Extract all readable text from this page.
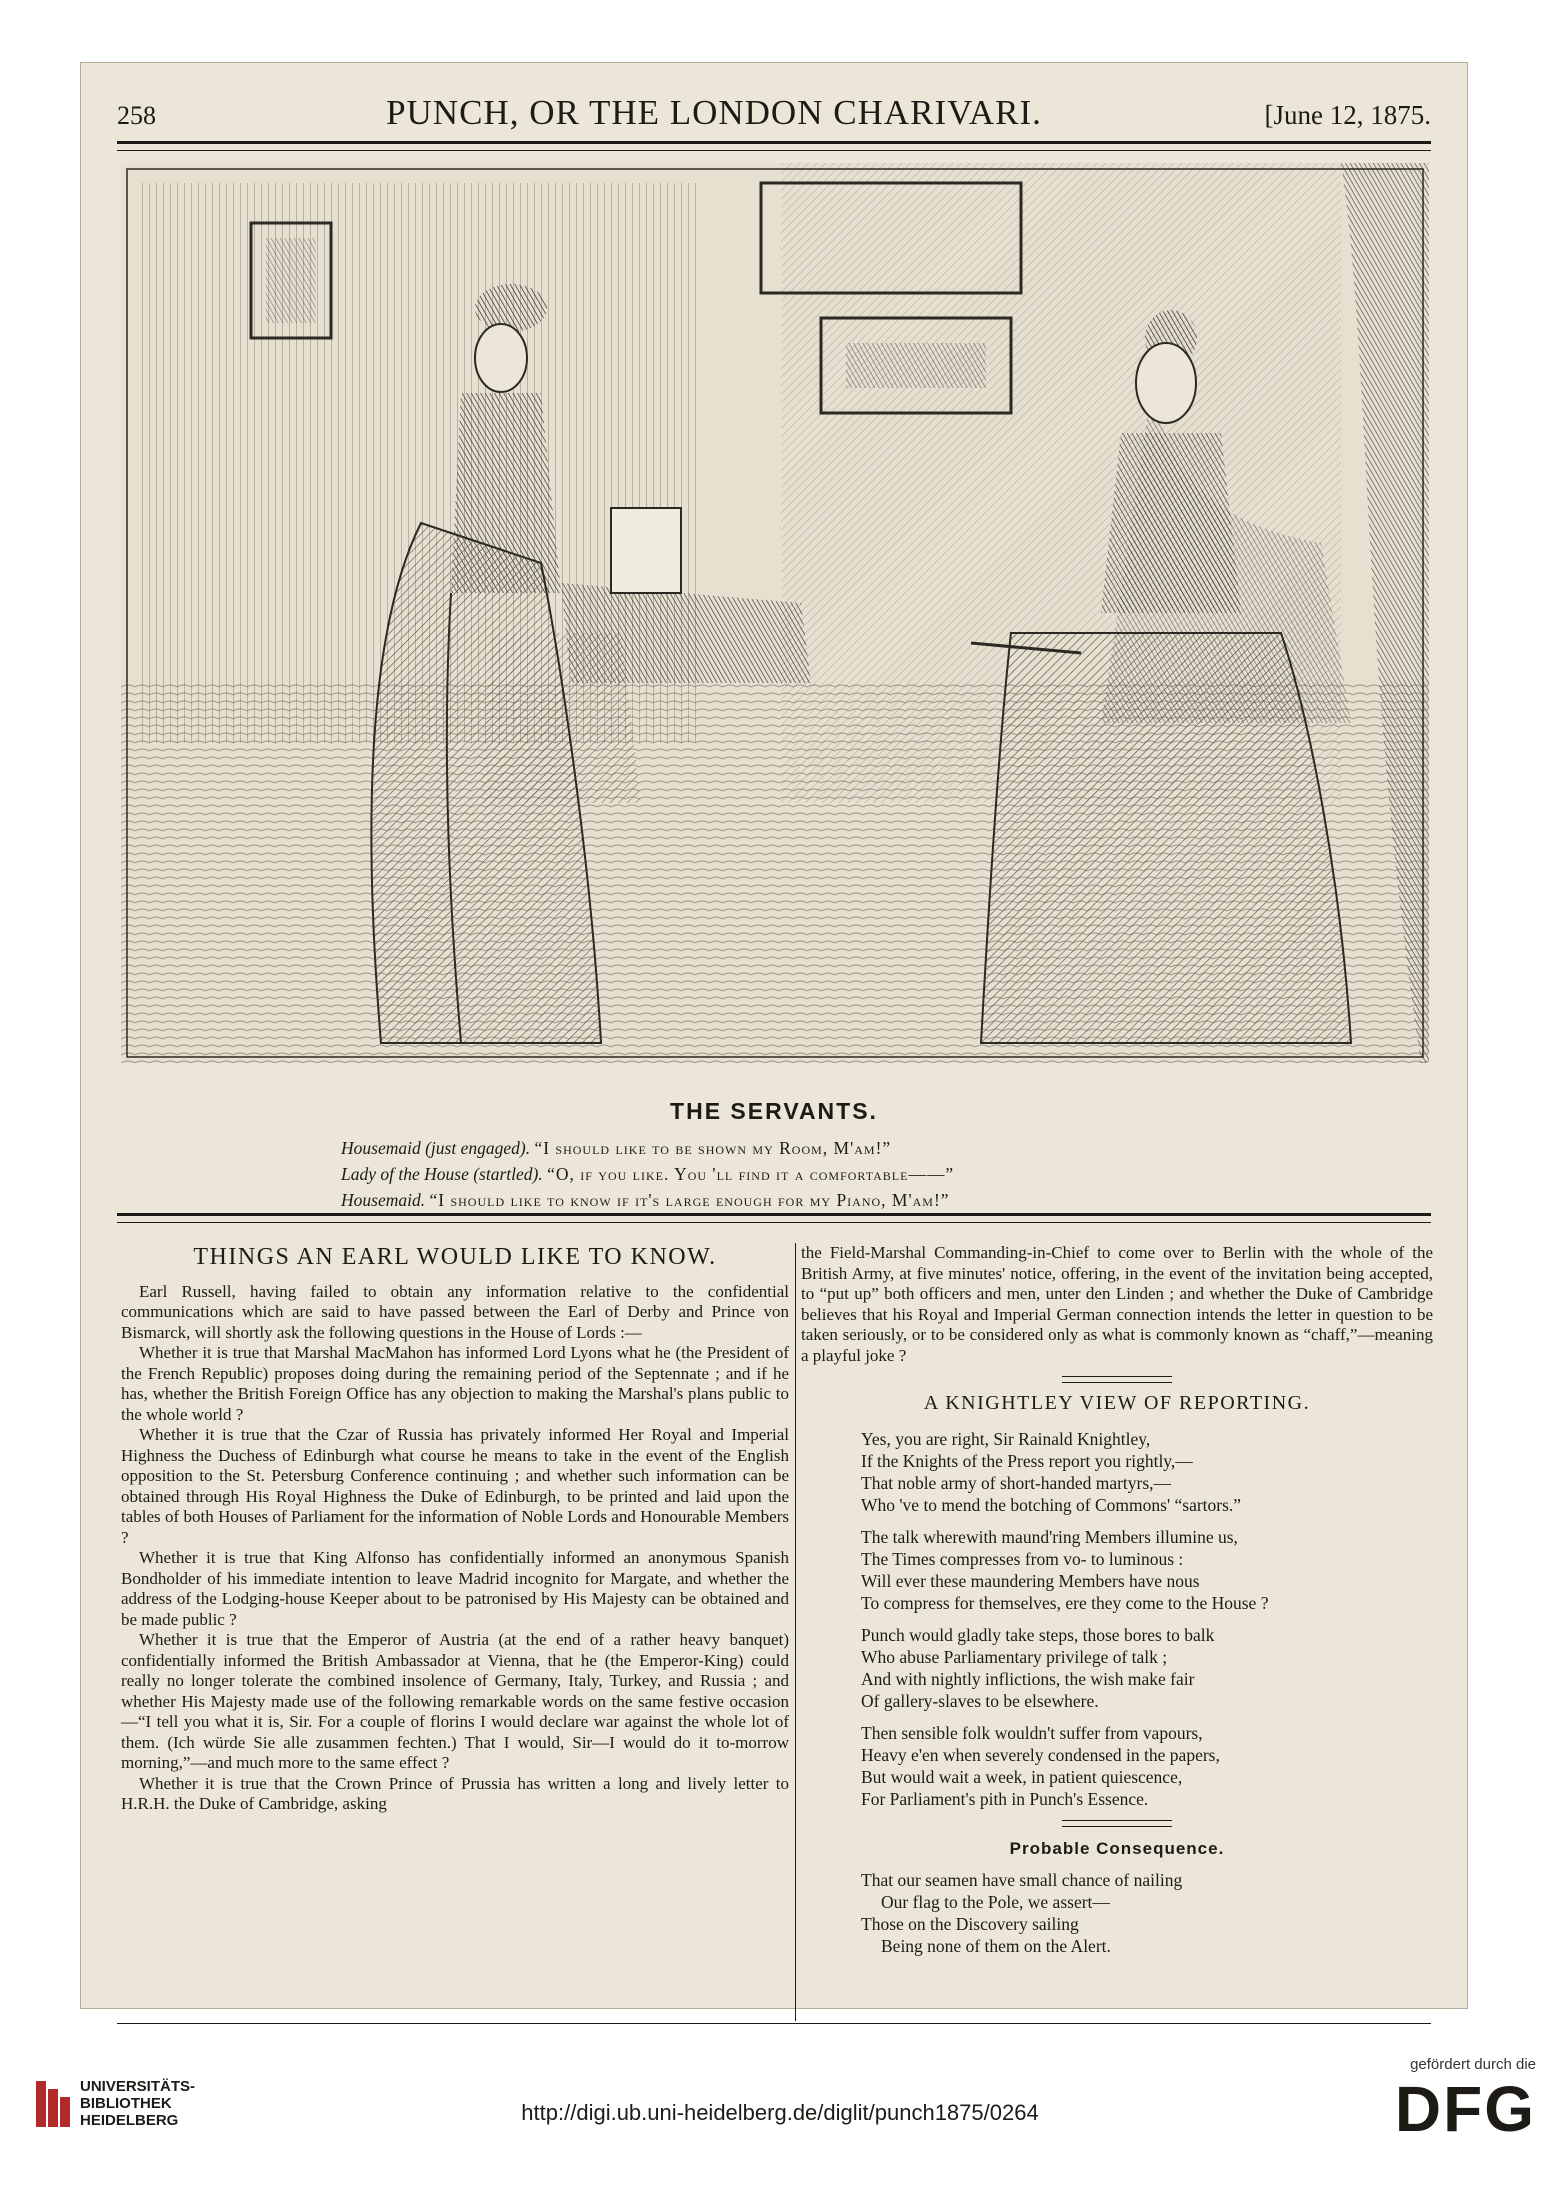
258	PUNCH, OR THE LONDON CHARIVARI.	[June 12, 1875.
THE SERVANTS.
Housemaid (just engaged). “I should like to be shown my Room, M'am!”
Lady of the House (startled). “O, if you like. You 'll find it a comfortable——”
Housemaid. “I should like to know if it's large enough for my Piano, M'am!”
THINGS AN EARL WOULD LIKE TO KNOW.

Earl Russell, having failed to obtain any information relative to the confidential communications which are said to have passed between the Earl of Derby and Prince von Bismarck, will shortly ask the following questions in the House of Lords :—

Whether it is true that Marshal MacMahon has informed Lord Lyons what he (the President of the French Republic) proposes doing during the remaining period of the Septennate ; and if he has, whether the British Foreign Office has any objection to making the Marshal's plans public to the whole world ?

Whether it is true that the Czar of Russia has privately informed Her Royal and Imperial Highness the Duchess of Edinburgh what course he means to take in the event of the English opposition to the St. Petersburg Conference continuing ; and whether such information can be obtained through His Royal Highness the Duke of Edinburgh, to be printed and laid upon the tables of both Houses of Parliament for the information of Noble Lords and Honourable Members ?

Whether it is true that King Alfonso has confidentially informed an anonymous Spanish Bondholder of his immediate intention to leave Madrid incognito for Margate, and whether the address of the Lodging-house Keeper about to be patronised by His Majesty can be obtained and be made public ?

Whether it is true that the Emperor of Austria (at the end of a rather heavy banquet) confidentially informed the British Ambassador at Vienna, that he (the Emperor-King) could really no longer tolerate the combined insolence of Germany, Italy, Turkey, and Russia ; and whether His Majesty made use of the following remarkable words on the same festive occasion—“I tell you what it is, Sir. For a couple of florins I would declare war against the whole lot of them. (Ich würde Sie alle zusammen fechten.) That I would, Sir—I would do it to-morrow morning,”—and much more to the same effect ?

Whether it is true that the Crown Prince of Prussia has written a long and lively letter to H.R.H. the Duke of Cambridge, asking

the Field-Marshal Commanding-in-Chief to come over to Berlin with the whole of the British Army, at five minutes' notice, offering, in the event of the invitation being accepted, to “put up” both officers and men, unter den Linden ; and whether the Duke of Cambridge believes that his Royal and Imperial German connection intends the letter in question to be taken seriously, or to be considered only as what is commonly known as “chaff,”—meaning a playful joke ?

A KNIGHTLEY VIEW OF REPORTING.
Yes, you are right, Sir Rainald Knightley,
If the Knights of the Press report you rightly,—
That noble army of short-handed martyrs,—
Who 've to mend the botching of Commons' “sartors.”
The talk wherewith maund'ring Members illumine us,
The Times compresses from vo- to luminous :
Will ever these maundering Members have nous
To compress for themselves, ere they come to the House ?
Punch would gladly take steps, those bores to balk
Who abuse Parliamentary privilege of talk ;
And with nightly inflictions, the wish make fair
Of gallery-slaves to be elsewhere.
Then sensible folk wouldn't suffer from vapours,
Heavy e'en when severely condensed in the papers,
But would wait a week, in patient quiescence,
For Parliament's pith in Punch's Essence.
Probable Consequence.
That our seamen have small chance of nailing
Our flag to the Pole, we assert—
Those on the Discovery sailing
Being none of them on the Alert.
UNIVERSITÄTS-
BIBLIOTHEK
HEIDELBERG	http://digi.ub.uni-heidelberg.de/diglit/punch1875/0264
gefördert durch die
DFG
